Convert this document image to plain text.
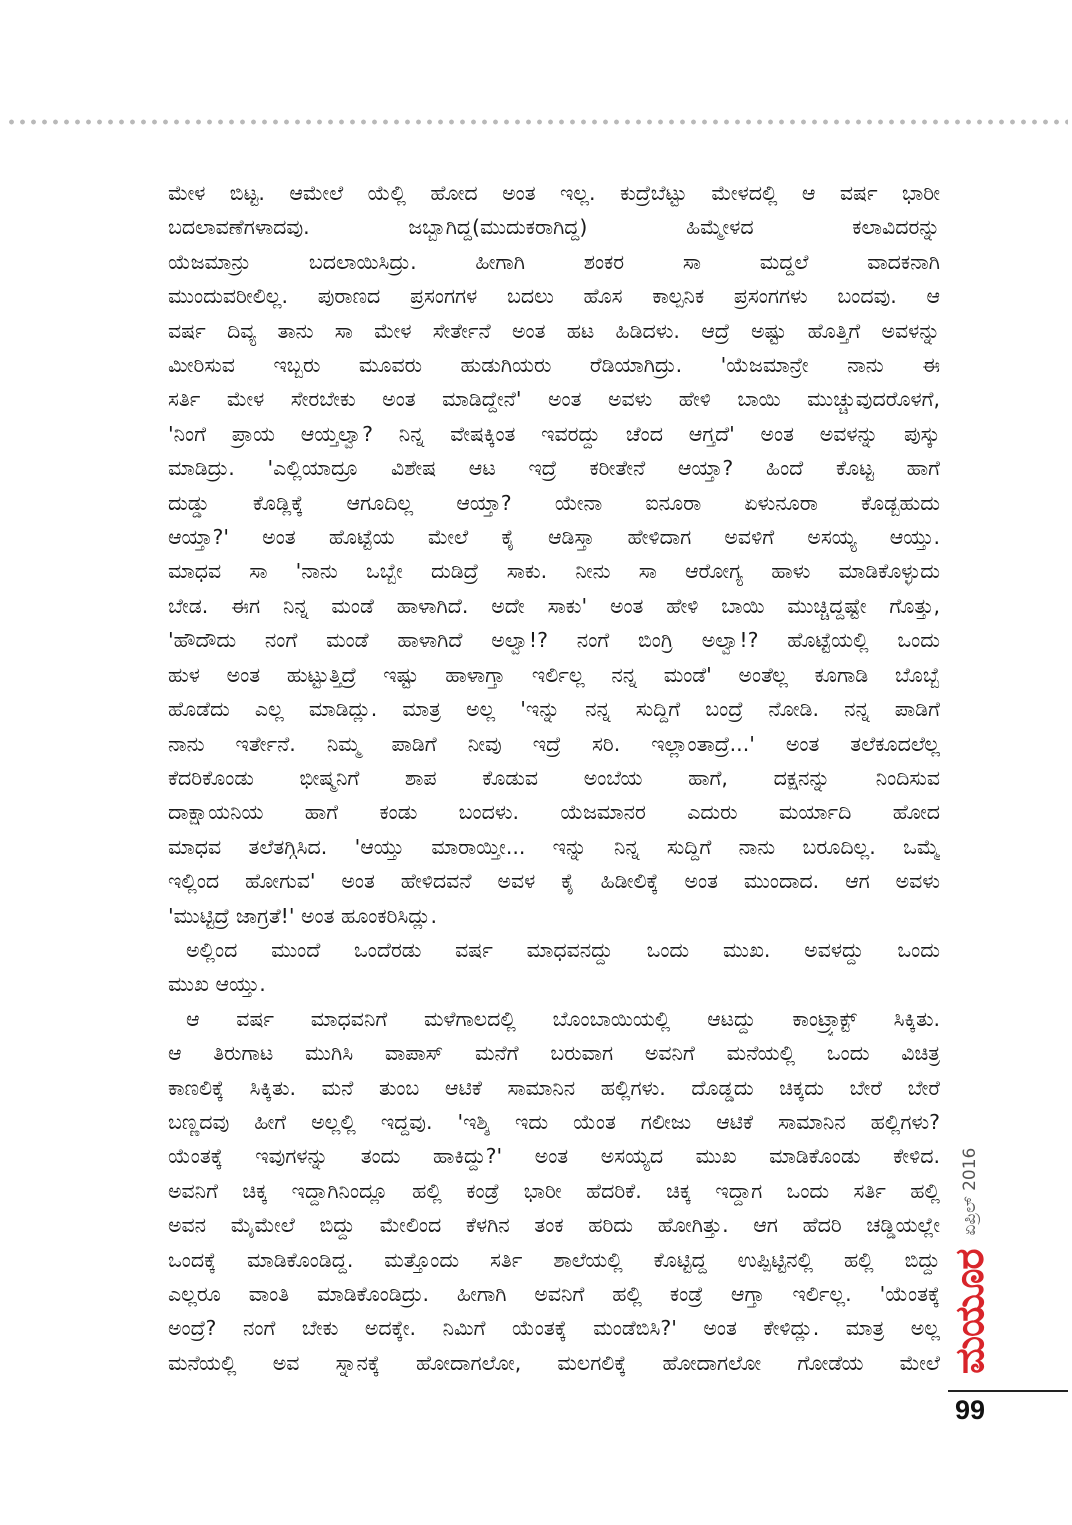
ಮೇಳ ಬಿಟ್ಟ. ಆಮೇಲೆ ಯೆಲ್ಲಿ ಹೋದ ಅಂತ ಇಲ್ಲ. ಕುದ್ರೆಬೆಟ್ಟು ಮೇಳದಲ್ಲಿ ಆ ವರ್ಷ ಭಾರೀ
ಬದಲಾವಣೆಗಳಾದವು. ಜಬ್ಬಾಗಿದ್ದ(ಮುದುಕರಾಗಿದ್ದ) ಹಿಮ್ಮೇಳದ ಕಲಾವಿದರನ್ನು
ಯೆಜಮಾನ್ರು ಬದಲಾಯಿಸಿದ್ರು. ಹೀಗಾಗಿ ಶಂಕರ ಸಾ ಮದ್ದಲೆ ವಾದಕನಾಗಿ
ಮುಂದುವರೀಲಿಲ್ಲ. ಪುರಾಣದ ಪ್ರಸಂಗಗಳ ಬದಲು ಹೊಸ ಕಾಲ್ಪನಿಕ ಪ್ರಸಂಗಗಳು ಬಂದವು. ಆ
ವರ್ಷ ದಿವ್ಯ ತಾನು ಸಾ ಮೇಳ ಸೇರ್ತೇನೆ ಅಂತ ಹಟ ಹಿಡಿದಳು. ಆದ್ರೆ ಅಷ್ಟು ಹೊತ್ತಿಗೆ ಅವಳನ್ನು
ಮೀರಿಸುವ ಇಬ್ಬರು ಮೂವರು ಹುಡುಗಿಯರು ರೆಡಿಯಾಗಿದ್ರು. 'ಯೆಜಮಾನ್ರೇ ನಾನು ಈ
ಸರ್ತಿ ಮೇಳ ಸೇರಬೇಕು ಅಂತ ಮಾಡಿದ್ದೇನೆ' ಅಂತ ಅವಳು ಹೇಳಿ ಬಾಯಿ ಮುಚ್ಚುವುದರೊಳಗೆ,
'ನಿಂಗೆ ಪ್ರಾಯ ಆಯ್ತಲ್ವಾ? ನಿನ್ನ ವೇಷಕ್ಕಿಂತ ಇವರದ್ದು ಚೆಂದ ಆಗ್ತದೆ' ಅಂತ ಅವಳನ್ನು ಪುಸ್ಕು
ಮಾಡಿದ್ರು. 'ಎಲ್ಲಿಯಾದ್ರೂ ವಿಶೇಷ ಆಟ ಇದ್ರೆ ಕರೀತೇನೆ ಆಯ್ತಾ? ಹಿಂದೆ ಕೊಟ್ಟ ಹಾಗೆ
ದುಡ್ಡು ಕೊಡ್ಲಿಕ್ಕೆ ಆಗೂದಿಲ್ಲ ಆಯ್ತಾ? ಯೇನಾ ಐನೂರಾ ಏಳುನೂರಾ ಕೊಡ್ಬಹುದು
ಆಯ್ತಾ?' ಅಂತ ಹೊಟ್ಟೆಯ ಮೇಲೆ ಕೈ ಆಡಿಸ್ತಾ ಹೇಳಿದಾಗ ಅವಳಿಗೆ ಅಸಯ್ಯ ಆಯ್ತು.
ಮಾಧವ ಸಾ 'ನಾನು ಒಬ್ಬೇ ದುಡಿದ್ರೆ ಸಾಕು. ನೀನು ಸಾ ಆರೋಗ್ಯ ಹಾಳು ಮಾಡಿಕೊಳ್ಳುದು
ಬೇಡ. ಈಗ ನಿನ್ನ ಮಂಡೆ ಹಾಳಾಗಿದೆ. ಅದೇ ಸಾಕು' ಅಂತ ಹೇಳಿ ಬಾಯಿ ಮುಚ್ಚಿದ್ದಷ್ಟೇ ಗೊತ್ತು,
'ಹೌದೌದು ನಂಗೆ ಮಂಡೆ ಹಾಳಾಗಿದೆ ಅಲ್ವಾ!? ನಂಗೆ ಬಿಂಗ್ರಿ ಅಲ್ವಾ!? ಹೊಟ್ಟೆಯಲ್ಲಿ ಒಂದು
ಹುಳ ಅಂತ ಹುಟ್ಟುತ್ತಿದ್ರೆ ಇಷ್ಟು ಹಾಳಾಗ್ತಾ ಇರ್ಲಿಲ್ಲ ನನ್ನ ಮಂಡೆ' ಅಂತೆಲ್ಲ ಕೂಗಾಡಿ ಬೊಬ್ಬೆ
ಹೊಡೆದು ಎಲ್ಲ ಮಾಡಿದ್ಲು. ಮಾತ್ರ ಅಲ್ಲ 'ಇನ್ನು ನನ್ನ ಸುದ್ದಿಗೆ ಬಂದ್ರೆ ನೋಡಿ. ನನ್ನ ಪಾಡಿಗೆ
ನಾನು ಇರ್ತೇನೆ. ನಿಮ್ಮ ಪಾಡಿಗೆ ನೀವು ಇದ್ರೆ ಸರಿ. ಇಲ್ಲಾಂತಾದ್ರೆ...' ಅಂತ ತಲೆಕೂದಲೆಲ್ಲ
ಕೆದರಿಕೊಂಡು ಭೀಷ್ಮನಿಗೆ ಶಾಪ ಕೊಡುವ ಅಂಬೆಯ ಹಾಗೆ, ದಕ್ಷನನ್ನು ನಿಂದಿಸುವ
ದಾಕ್ಷಾಯನಿಯ ಹಾಗೆ ಕಂಡು ಬಂದಳು. ಯೆಜಮಾನರ ಎದುರು ಮರ್ಯಾದಿ ಹೋದ
ಮಾಧವ ತಲೆತಗ್ಗಿಸಿದ. 'ಆಯ್ತು ಮಾರಾಯ್ತೀ... ಇನ್ನು ನಿನ್ನ ಸುದ್ದಿಗೆ ನಾನು ಬರೂದಿಲ್ಲ. ಒಮ್ಮೆ
ಇಲ್ಲಿಂದ ಹೋಗುವ' ಅಂತ ಹೇಳಿದವನೆ ಅವಳ ಕೈ ಹಿಡೀಲಿಕ್ಕೆ ಅಂತ ಮುಂದಾದ. ಆಗ ಅವಳು
'ಮುಟ್ಟಿದ್ರೆ ಜಾಗ್ರತೆ!' ಅಂತ ಹೂಂಕರಿಸಿದ್ಲು.
ಅಲ್ಲಿಂದ ಮುಂದೆ ಒಂದೆರಡು ವರ್ಷ ಮಾಧವನದ್ದು ಒಂದು ಮುಖ. ಅವಳದ್ದು ಒಂದು
ಮುಖ ಆಯ್ತು.
ಆ ವರ್ಷ ಮಾಧವನಿಗೆ ಮಳೆಗಾಲದಲ್ಲಿ ಬೊಂಬಾಯಿಯಲ್ಲಿ ಆಟದ್ದು ಕಾಂಟ್ರ್ಯಾಕ್ಟ್ ಸಿಕ್ಕಿತು.
ಆ ತಿರುಗಾಟ ಮುಗಿಸಿ ವಾಪಾಸ್ ಮನೆಗೆ ಬರುವಾಗ ಅವನಿಗೆ ಮನೆಯಲ್ಲಿ ಒಂದು ವಿಚಿತ್ರ
ಕಾಣಲಿಕ್ಕೆ ಸಿಕ್ಕಿತು. ಮನೆ ತುಂಬ ಆಟಿಕೆ ಸಾಮಾನಿನ ಹಲ್ಲಿಗಳು. ದೊಡ್ಡದು ಚಿಕ್ಕದು ಬೇರೆ ಬೇರೆ
ಬಣ್ಣದವು ಹೀಗೆ ಅಲ್ಲಲ್ಲಿ ಇದ್ದವು. 'ಇಶ್ಶಿ ಇದು ಯೆಂತ ಗಲೀಜು ಆಟಿಕೆ ಸಾಮಾನಿನ ಹಲ್ಲಿಗಳು?
ಯೆಂತಕ್ಕೆ ಇವುಗಳನ್ನು ತಂದು ಹಾಕಿದ್ದು?' ಅಂತ ಅಸಯ್ಯದ ಮುಖ ಮಾಡಿಕೊಂಡು ಕೇಳಿದ.
ಅವನಿಗೆ ಚಿಕ್ಕ ಇದ್ದಾಗಿನಿಂದ್ಲೂ ಹಲ್ಲಿ ಕಂಡ್ರೆ ಭಾರೀ ಹೆದರಿಕೆ. ಚಿಕ್ಕ ಇದ್ದಾಗ ಒಂದು ಸರ್ತಿ ಹಲ್ಲಿ
ಅವನ ಮೈಮೇಲೆ ಬಿದ್ದು ಮೇಲಿಂದ ಕೆಳಗಿನ ತಂಕ ಹರಿದು ಹೋಗಿತ್ತು. ಆಗ ಹೆದರಿ ಚಡ್ಡಿಯಲ್ಲೇ
ಒಂದಕ್ಕೆ ಮಾಡಿಕೊಂಡಿದ್ದ. ಮತ್ತೊಂದು ಸರ್ತಿ ಶಾಲೆಯಲ್ಲಿ ಕೊಟ್ಟಿದ್ದ ಉಪ್ಪಿಟ್ಟಿನಲ್ಲಿ ಹಲ್ಲಿ ಬಿದ್ದು
ಎಲ್ಲರೂ ವಾಂತಿ ಮಾಡಿಕೊಂಡಿದ್ರು. ಹೀಗಾಗಿ ಅವನಿಗೆ ಹಲ್ಲಿ ಕಂಡ್ರೆ ಆಗ್ತಾ ಇರ್ಲಿಲ್ಲ. 'ಯೆಂತಕ್ಕೆ
ಅಂದ್ರೆ? ನಂಗೆ ಬೇಕು ಅದಕ್ಕೇ. ನಿಮಿಗೆ ಯೆಂತಕ್ಕೆ ಮಂಡೆಬಿಸಿ?' ಅಂತ ಕೇಳಿದ್ಲು. ಮಾತ್ರ ಅಲ್ಲ
ಮನೆಯಲ್ಲಿ ಅವ ಸ್ನಾನಕ್ಕೆ ಹೋದಾಗಲೋ, ಮಲಗಲಿಕ್ಕೆ ಹೋದಾಗಲೋ ಗೋಡೆಯ ಮೇಲೆ ಮಯೂರ
ಏಪ್ರಿಲ್ 2016
99
